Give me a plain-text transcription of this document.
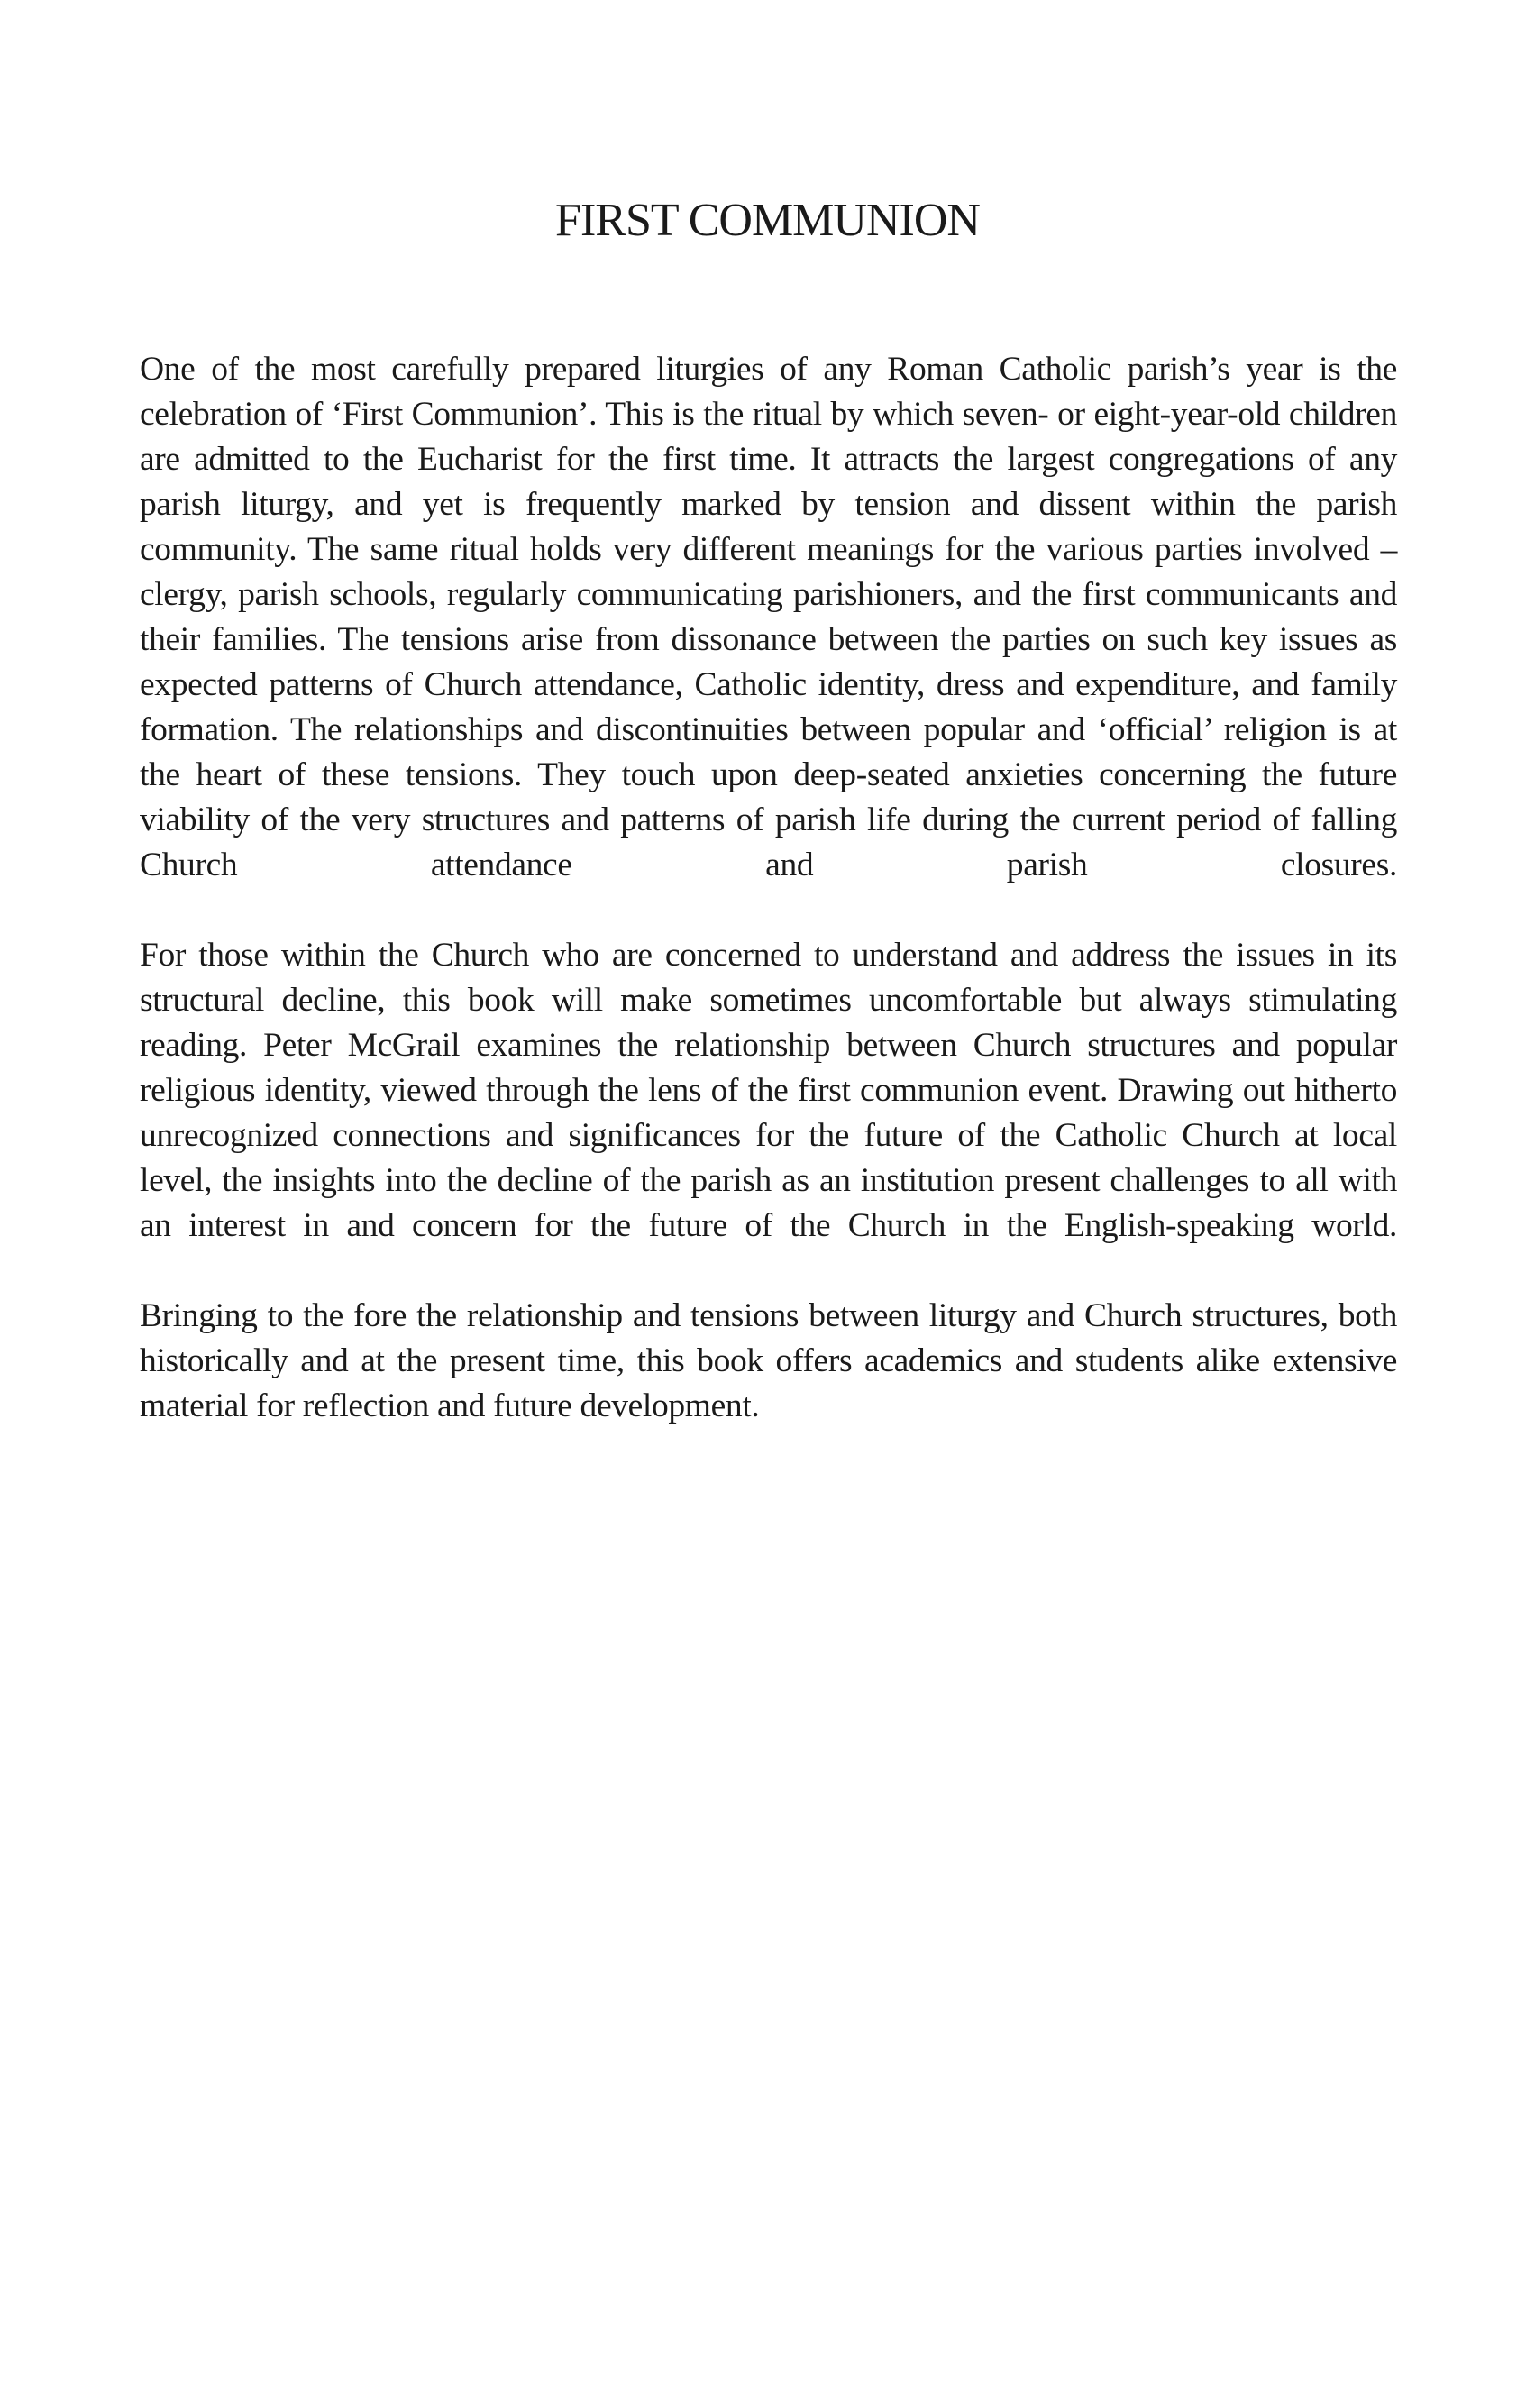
FIRST COMMUNION

One of the most carefully prepared liturgies of any Roman Catholic parish’s year is the celebration of ‘First Communion’. This is the ritual by which seven- or eight-year-old children are admitted to the Eucharist for the first time. It attracts the largest congregations of any parish liturgy, and yet is frequently marked by tension and dissent within the parish community. The same ritual holds very different meanings for the various parties involved – clergy, parish schools, regularly communicating parishioners, and the first communicants and their families. The tensions arise from dissonance between the parties on such key issues as expected patterns of Church attendance, Catholic identity, dress and expenditure, and family formation. The relationships and discontinuities between popular and ‘official’ religion is at the heart of these tensions. They touch upon deep-seated anxieties concerning the future viability of the very structures and patterns of parish life during the current period of falling Church attendance and parish closures.

For those within the Church who are concerned to understand and address the issues in its structural decline, this book will make sometimes uncomfortable but always stimulating reading. Peter McGrail examines the relationship between Church structures and popular religious identity, viewed through the lens of the first communion event. Drawing out hitherto unrecognized connections and significances for the future of the Catholic Church at local level, the insights into the decline of the parish as an institution present challenges to all with an interest in and concern for the future of the Church in the English-speaking world.

Bringing to the fore the relationship and tensions between liturgy and Church structures, both historically and at the present time, this book offers academics and students alike extensive material for reflection and future development.
